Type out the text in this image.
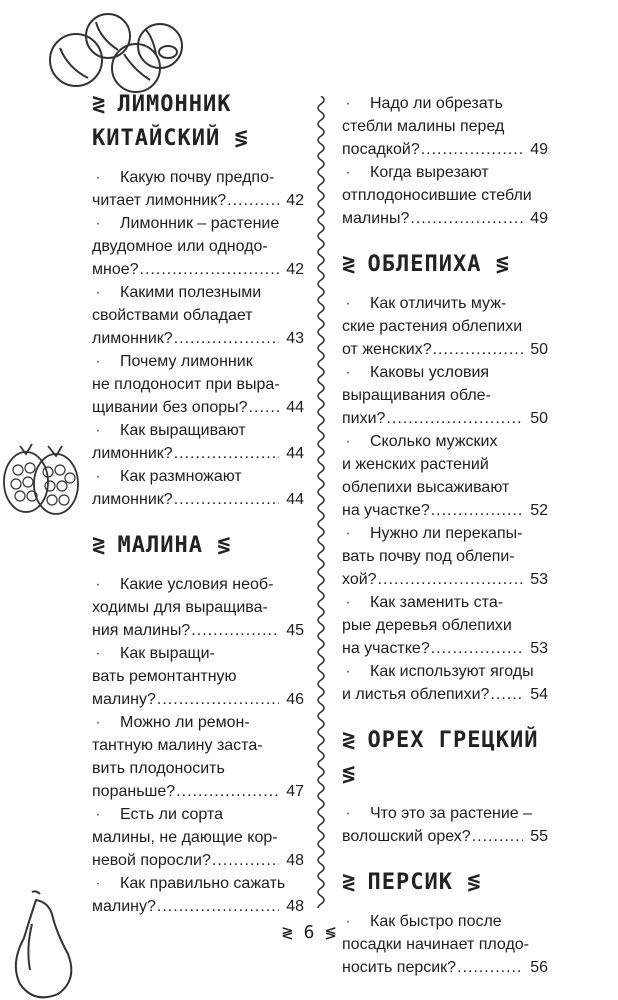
≷ ЛИМОННИК
КИТАЙСКИЙ ≶
· Какую почву предпо-
читает лимонник? .....	42
· Лимонник – растение
двудомное или однодо-
мное? .....	42
· Какими полезными
свойствами обладает
лимонник? .....	43
· Почему лимонник
не плодоносит при выра-
щивании без опоры? .....	44
· Как выращивают
лимонник? .....	44
· Как размножают
лимонник? .....	44
≷ МАЛИНА ≶
· Какие условия необ-
ходимы для выращива-
ния малины? .....	45
· Как выращи-
вать ремонтантную
малину? .....	46
· Можно ли ремон-
тантную малину заста-
вить плодоносить
пораньше? .....	47
· Есть ли сорта
малины, не дающие кор-
невой поросли? .....	48
· Как правильно сажать
малину? .....	48
· Надо ли обрезать
стебли малины перед
посадкой? .....	49
· Когда вырезают
отплодоносившие стебли
малины? .....	49
≷ ОБЛЕПИХА ≶
· Как отличить муж-
ские растения облепихи
от женских? .....	50
· Каковы условия
выращивания обле-
пихи? .....	50
· Сколько мужских
и женских растений
облепихи высаживают
на участке? .....	52
· Нужно ли перекапы-
вать почву под облепи-
хой? .....	53
· Как заменить ста-
рые деревья облепихи
на участке? .....	53
· Как используют ягоды
и листья облепихи? .....	54
≷ ОРЕХ ГРЕЦКИЙ ≶
· Что это за растение –
волошский орех? .....	55
≷ ПЕРСИК ≶
· Как быстро после
посадки начинает плодо-
носить персик? .....	56
≷ 6 ≶
